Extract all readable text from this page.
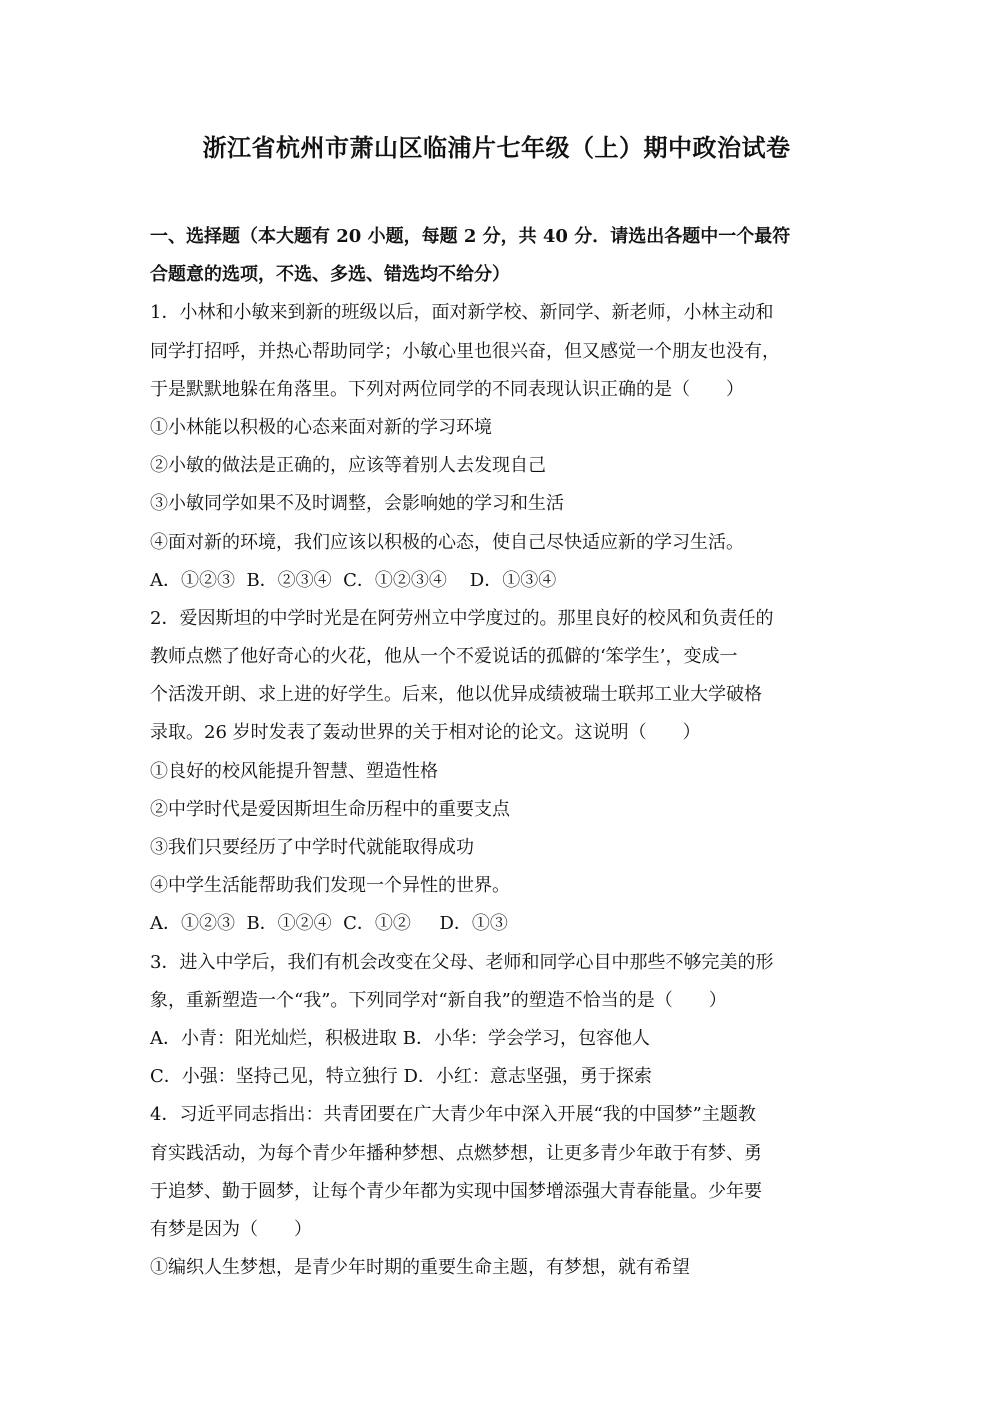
浙江省杭州市萧山区临浦片七年级（上）期中政治试卷
一、选择题（本大题有 20 小题，每题 2 分，共 40 分．请选出各题中一个最符
合题意的选项，不选、多选、错选均不给分）
1．小林和小敏来到新的班级以后，面对新学校、新同学、新老师，小林主动和
同学打招呼，并热心帮助同学；小敏心里也很兴奋，但又感觉一个朋友也没有，
于是默默地躲在角落里。下列对两位同学的不同表现认识正确的是（　　）
①小林能以积极的心态来面对新的学习环境
②小敏的做法是正确的，应该等着别人去发现自己
③小敏同学如果不及时调整，会影响她的学习和生活
④面对新的环境，我们应该以积极的心态，使自己尽快适应新的学习生活。
A．①②③  B．②③④  C．①②③④    D．①③④
2．爱因斯坦的中学时光是在阿劳州立中学度过的。那里良好的校风和负责任的
教师点燃了他好奇心的火花，他从一个不爱说话的孤僻的‘笨学生’，变成一
个活泼开朗、求上进的好学生。后来，他以优异成绩被瑞士联邦工业大学破格
录取。26 岁时发表了轰动世界的关于相对论的论文。这说明（　　）
①良好的校风能提升智慧、塑造性格
②中学时代是爱因斯坦生命历程中的重要支点
③我们只要经历了中学时代就能取得成功
④中学生活能帮助我们发现一个异性的世界。
A．①②③  B．①②④  C．①②     D．①③
3．进入中学后，我们有机会改变在父母、老师和同学心目中那些不够完美的形
象，重新塑造一个“我”。下列同学对“新自我”的塑造不恰当的是（　　）
A．小青：阳光灿烂，积极进取 B．小华：学会学习，包容他人
C．小强：坚持己见，特立独行 D．小红：意志坚强，勇于探索
4．习近平同志指出：共青团要在广大青少年中深入开展“我的中国梦”主题教
育实践活动，为每个青少年播种梦想、点燃梦想，让更多青少年敢于有梦、勇
于追梦、勤于圆梦，让每个青少年都为实现中国梦增添强大青春能量。少年要
有梦是因为（　　）
①编织人生梦想，是青少年时期的重要生命主题，有梦想，就有希望
